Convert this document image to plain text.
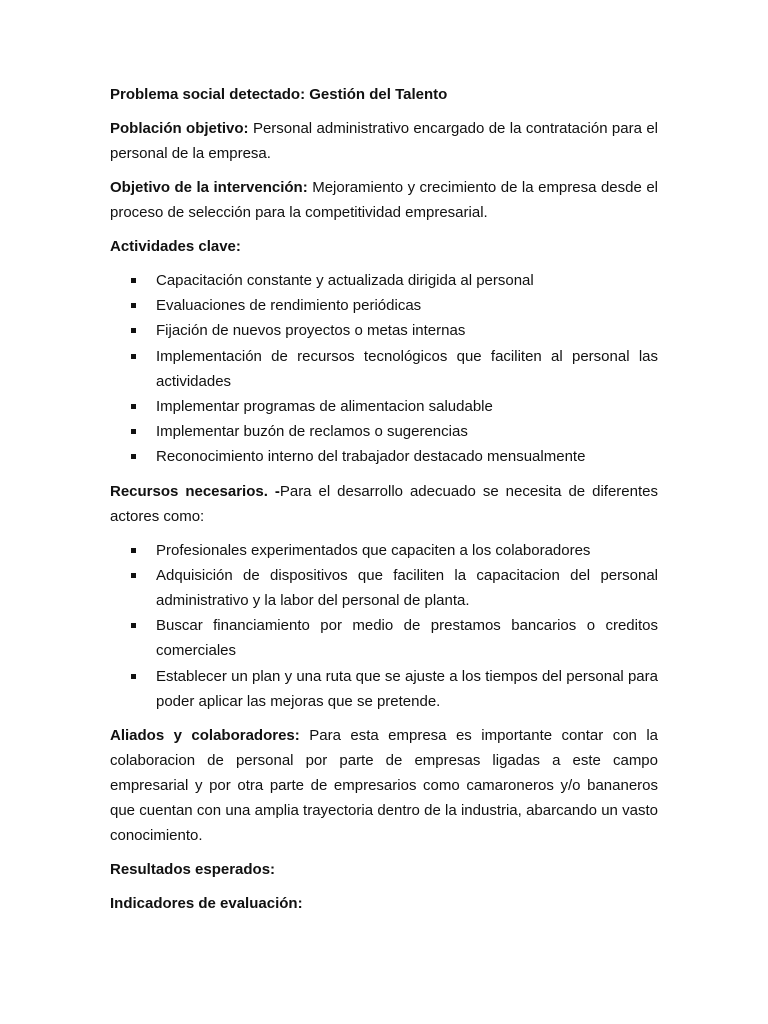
Problema social detectado: Gestión del Talento

Población objetivo: Personal administrativo encargado de la contratación para el personal de la empresa.

Objetivo de la intervención: Mejoramiento y crecimiento de la empresa desde el proceso de selección para la competitividad empresarial.

Actividades clave:

Capacitación constante y actualizada dirigida al personal
Evaluaciones de rendimiento periódicas
Fijación de nuevos proyectos o metas internas
Implementación de recursos tecnológicos que faciliten al personal las actividades
Implementar programas de alimentacion saludable
Implementar buzón de reclamos o sugerencias
Reconocimiento interno del trabajador destacado mensualmente

Recursos necesarios. -Para el desarrollo adecuado se necesita de diferentes actores como:

Profesionales experimentados que capaciten a los colaboradores
Adquisición de dispositivos que faciliten la capacitacion del personal administrativo y la labor del personal de planta.
Buscar financiamiento por medio de prestamos bancarios o creditos comerciales
Establecer un plan y una ruta que se ajuste a los tiempos del personal para poder aplicar las mejoras que se pretende.

Aliados y colaboradores: Para esta empresa es importante contar con la colaboracion de personal por parte de empresas ligadas a este campo empresarial y por otra parte de empresarios como camaroneros y/o bananeros que cuentan con una amplia trayectoria dentro de la industria, abarcando un vasto conocimiento.

Resultados esperados:

Indicadores de evaluación:
